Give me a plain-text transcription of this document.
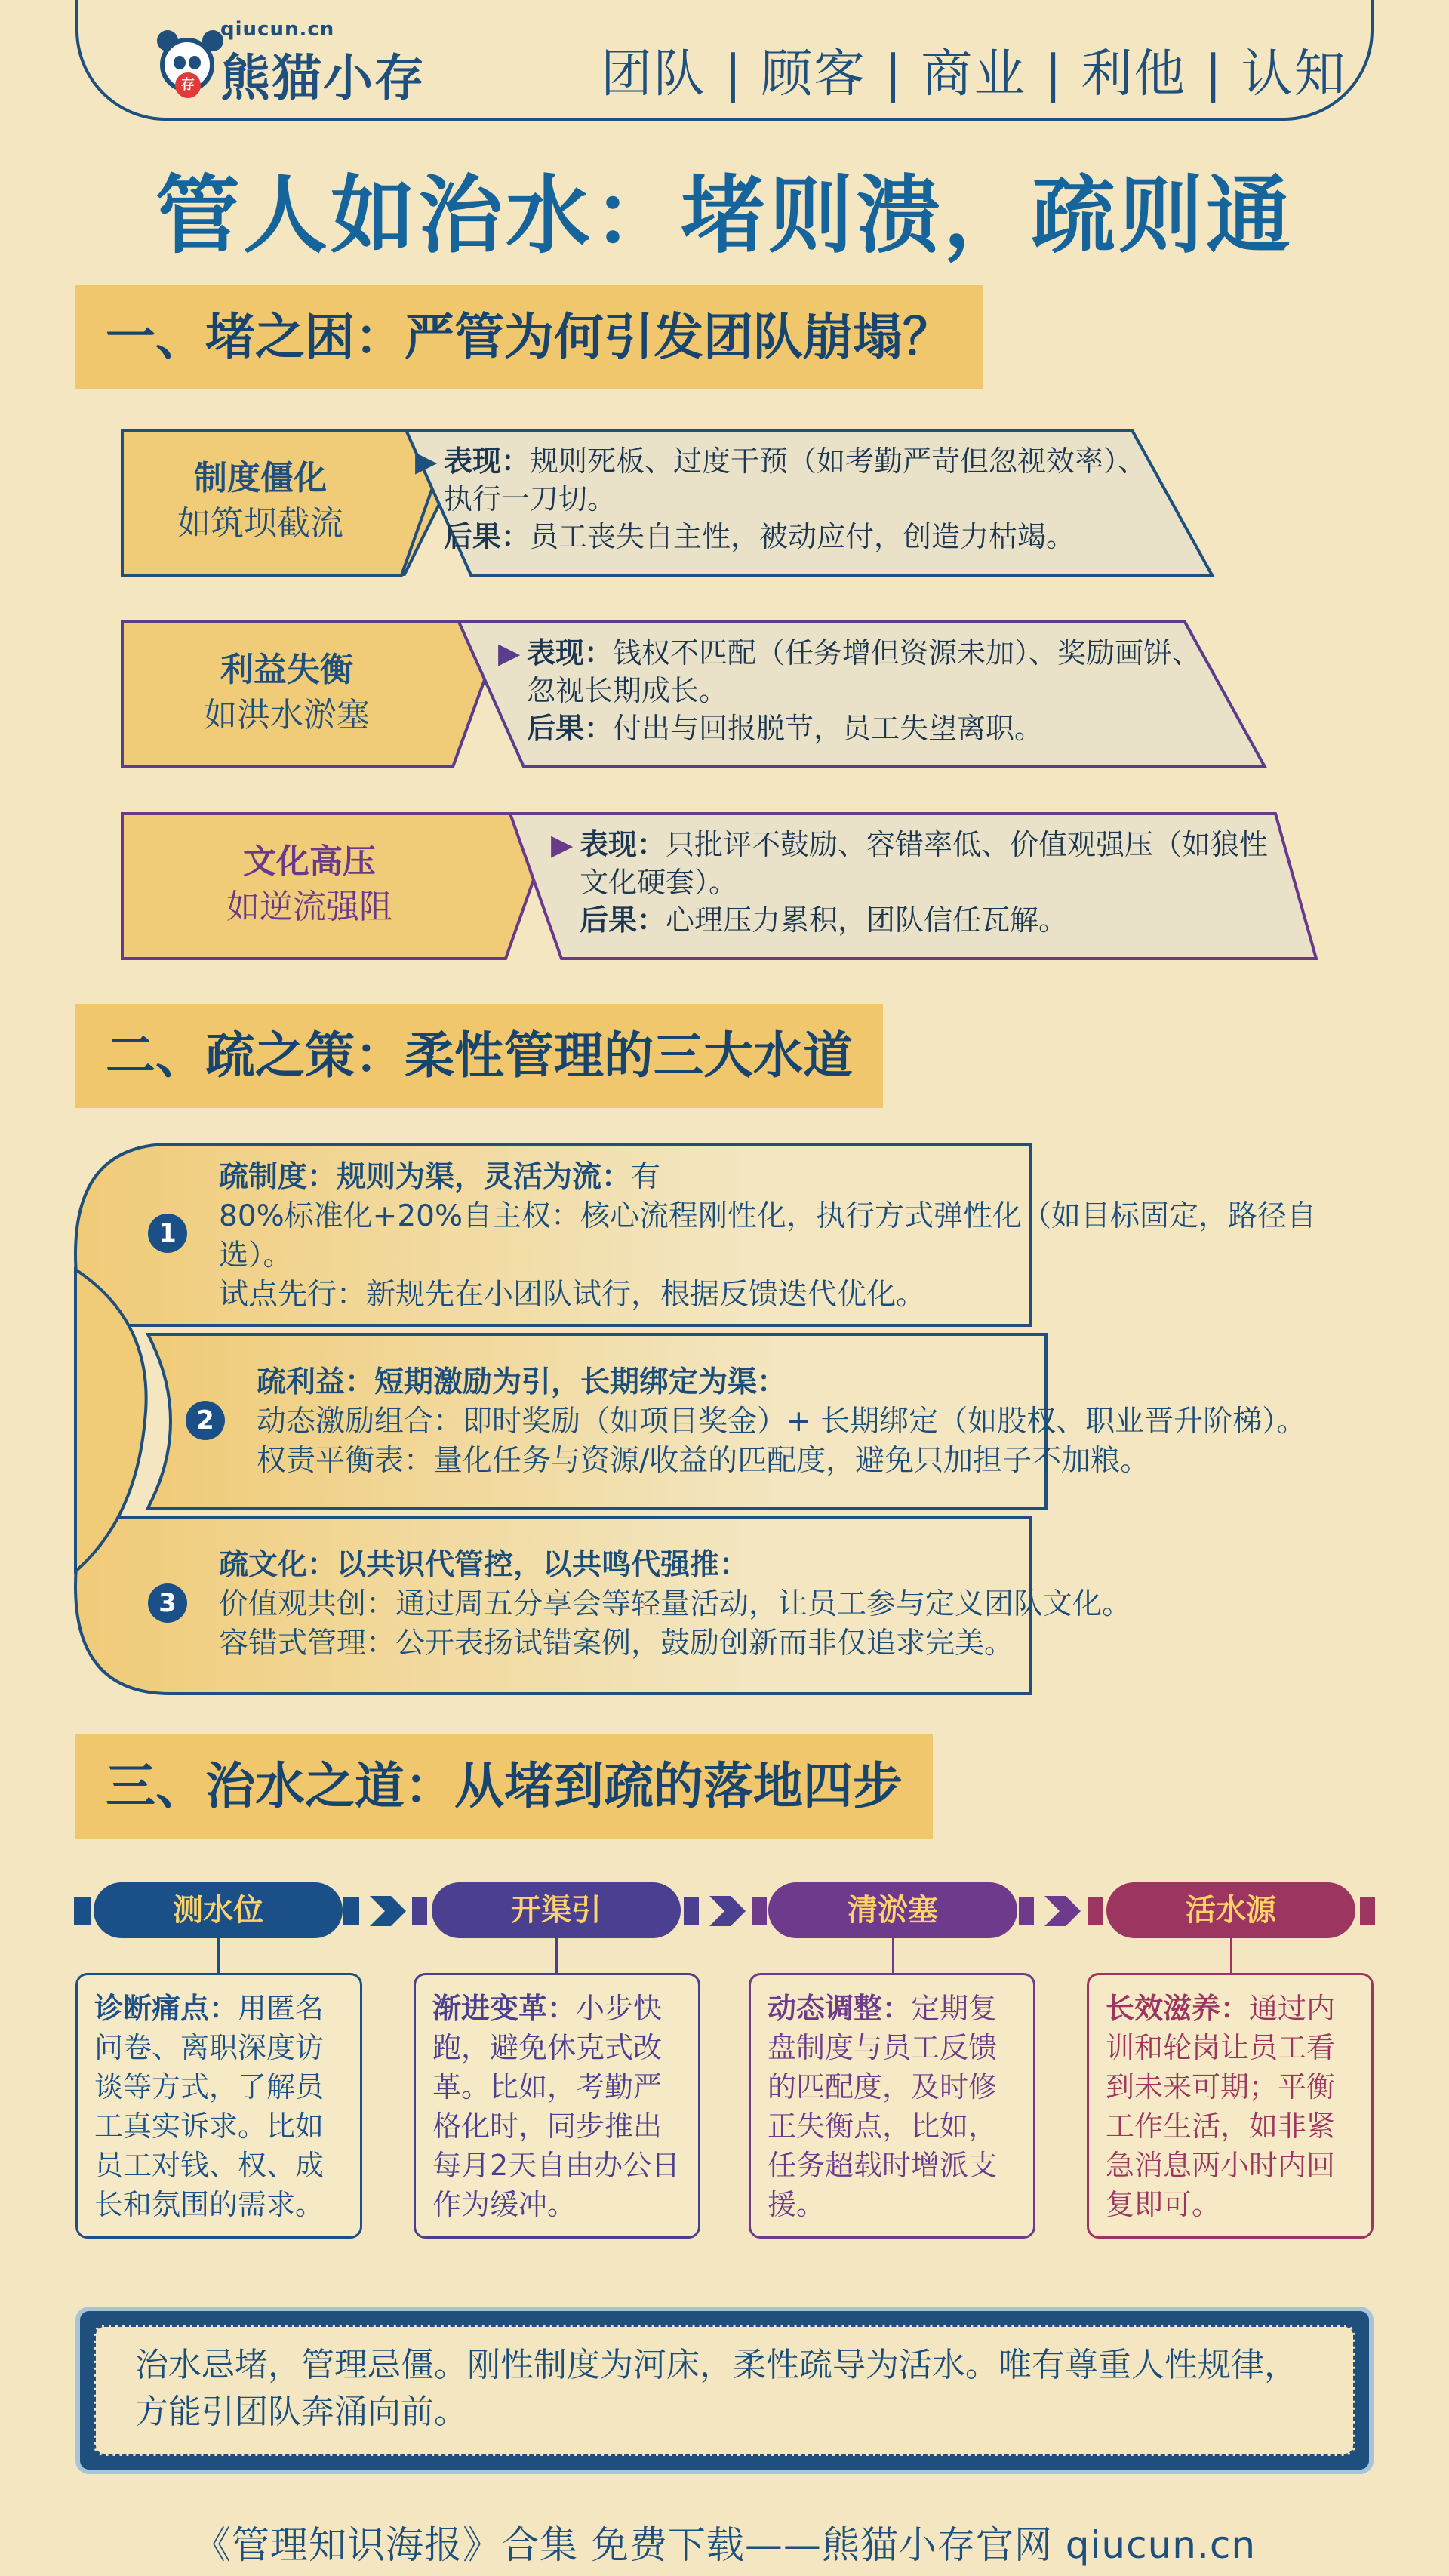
存
qiucun.cn
熊猫小存	团队 | 顾客 | 商业 | 利他 | 认知
管人如治水：堵则溃，疏则通
一、堵之困：严管为何引发团队崩塌？
制度僵化
如筑坝截流
▶ 表现：规则死板、过度干预（如考勤严苛但忽视效率）、执行一刀切。
后果：员工丧失自主性，被动应付，创造力枯竭。
利益失衡
如洪水淤塞
▶ 表现：钱权不匹配（任务增但资源未加）、奖励画饼、忽视长期成长。
后果：付出与回报脱节，员工失望离职。
文化高压
如逆流强阻
▶ 表现：只批评不鼓励、容错率低、价值观强压（如狼性文化硬套）。
后果：心理压力累积，团队信任瓦解。
二、疏之策：柔性管理的三大水道
1
疏制度：规则为渠，灵活为流：有
80%标准化+20%自主权：核心流程刚性化，执行方式弹性化（如目标固定，路径自选）。
试点先行：新规先在小团队试行，根据反馈迭代优化。
2
疏利益：短期激励为引，长期绑定为渠：
动态激励组合：即时奖励（如项目奖金）+ 长期绑定（如股权、职业晋升阶梯）。
权责平衡表：量化任务与资源/收益的匹配度，避免只加担子不加粮。
3
疏文化：以共识代管控，以共鸣代强推：
价值观共创：通过周五分享会等轻量活动，让员工参与定义团队文化。
容错式管理：公开表扬试错案例，鼓励创新而非仅追求完美。
三、治水之道：从堵到疏的落地四步
测水位	开渠引	清淤塞	活水源
诊断痛点：用匿名问卷、离职深度访谈等方式，了解员工真实诉求。比如员工对钱、权、成长和氛围的需求。
渐进变革：小步快跑，避免休克式改革。比如，考勤严格化时，同步推出每月2天自由办公日作为缓冲。
动态调整：定期复盘制度与员工反馈的匹配度，及时修正失衡点，比如，任务超载时增派支援。
长效滋养：通过内训和轮岗让员工看到未来可期；平衡工作生活，如非紧急消息两小时内回复即可。
治水忌堵，管理忌僵。刚性制度为河床，柔性疏导为活水。唯有尊重人性规律，方能引团队奔涌向前。
《管理知识海报》合集 免费下载——熊猫小存官网 qiucun.cn
